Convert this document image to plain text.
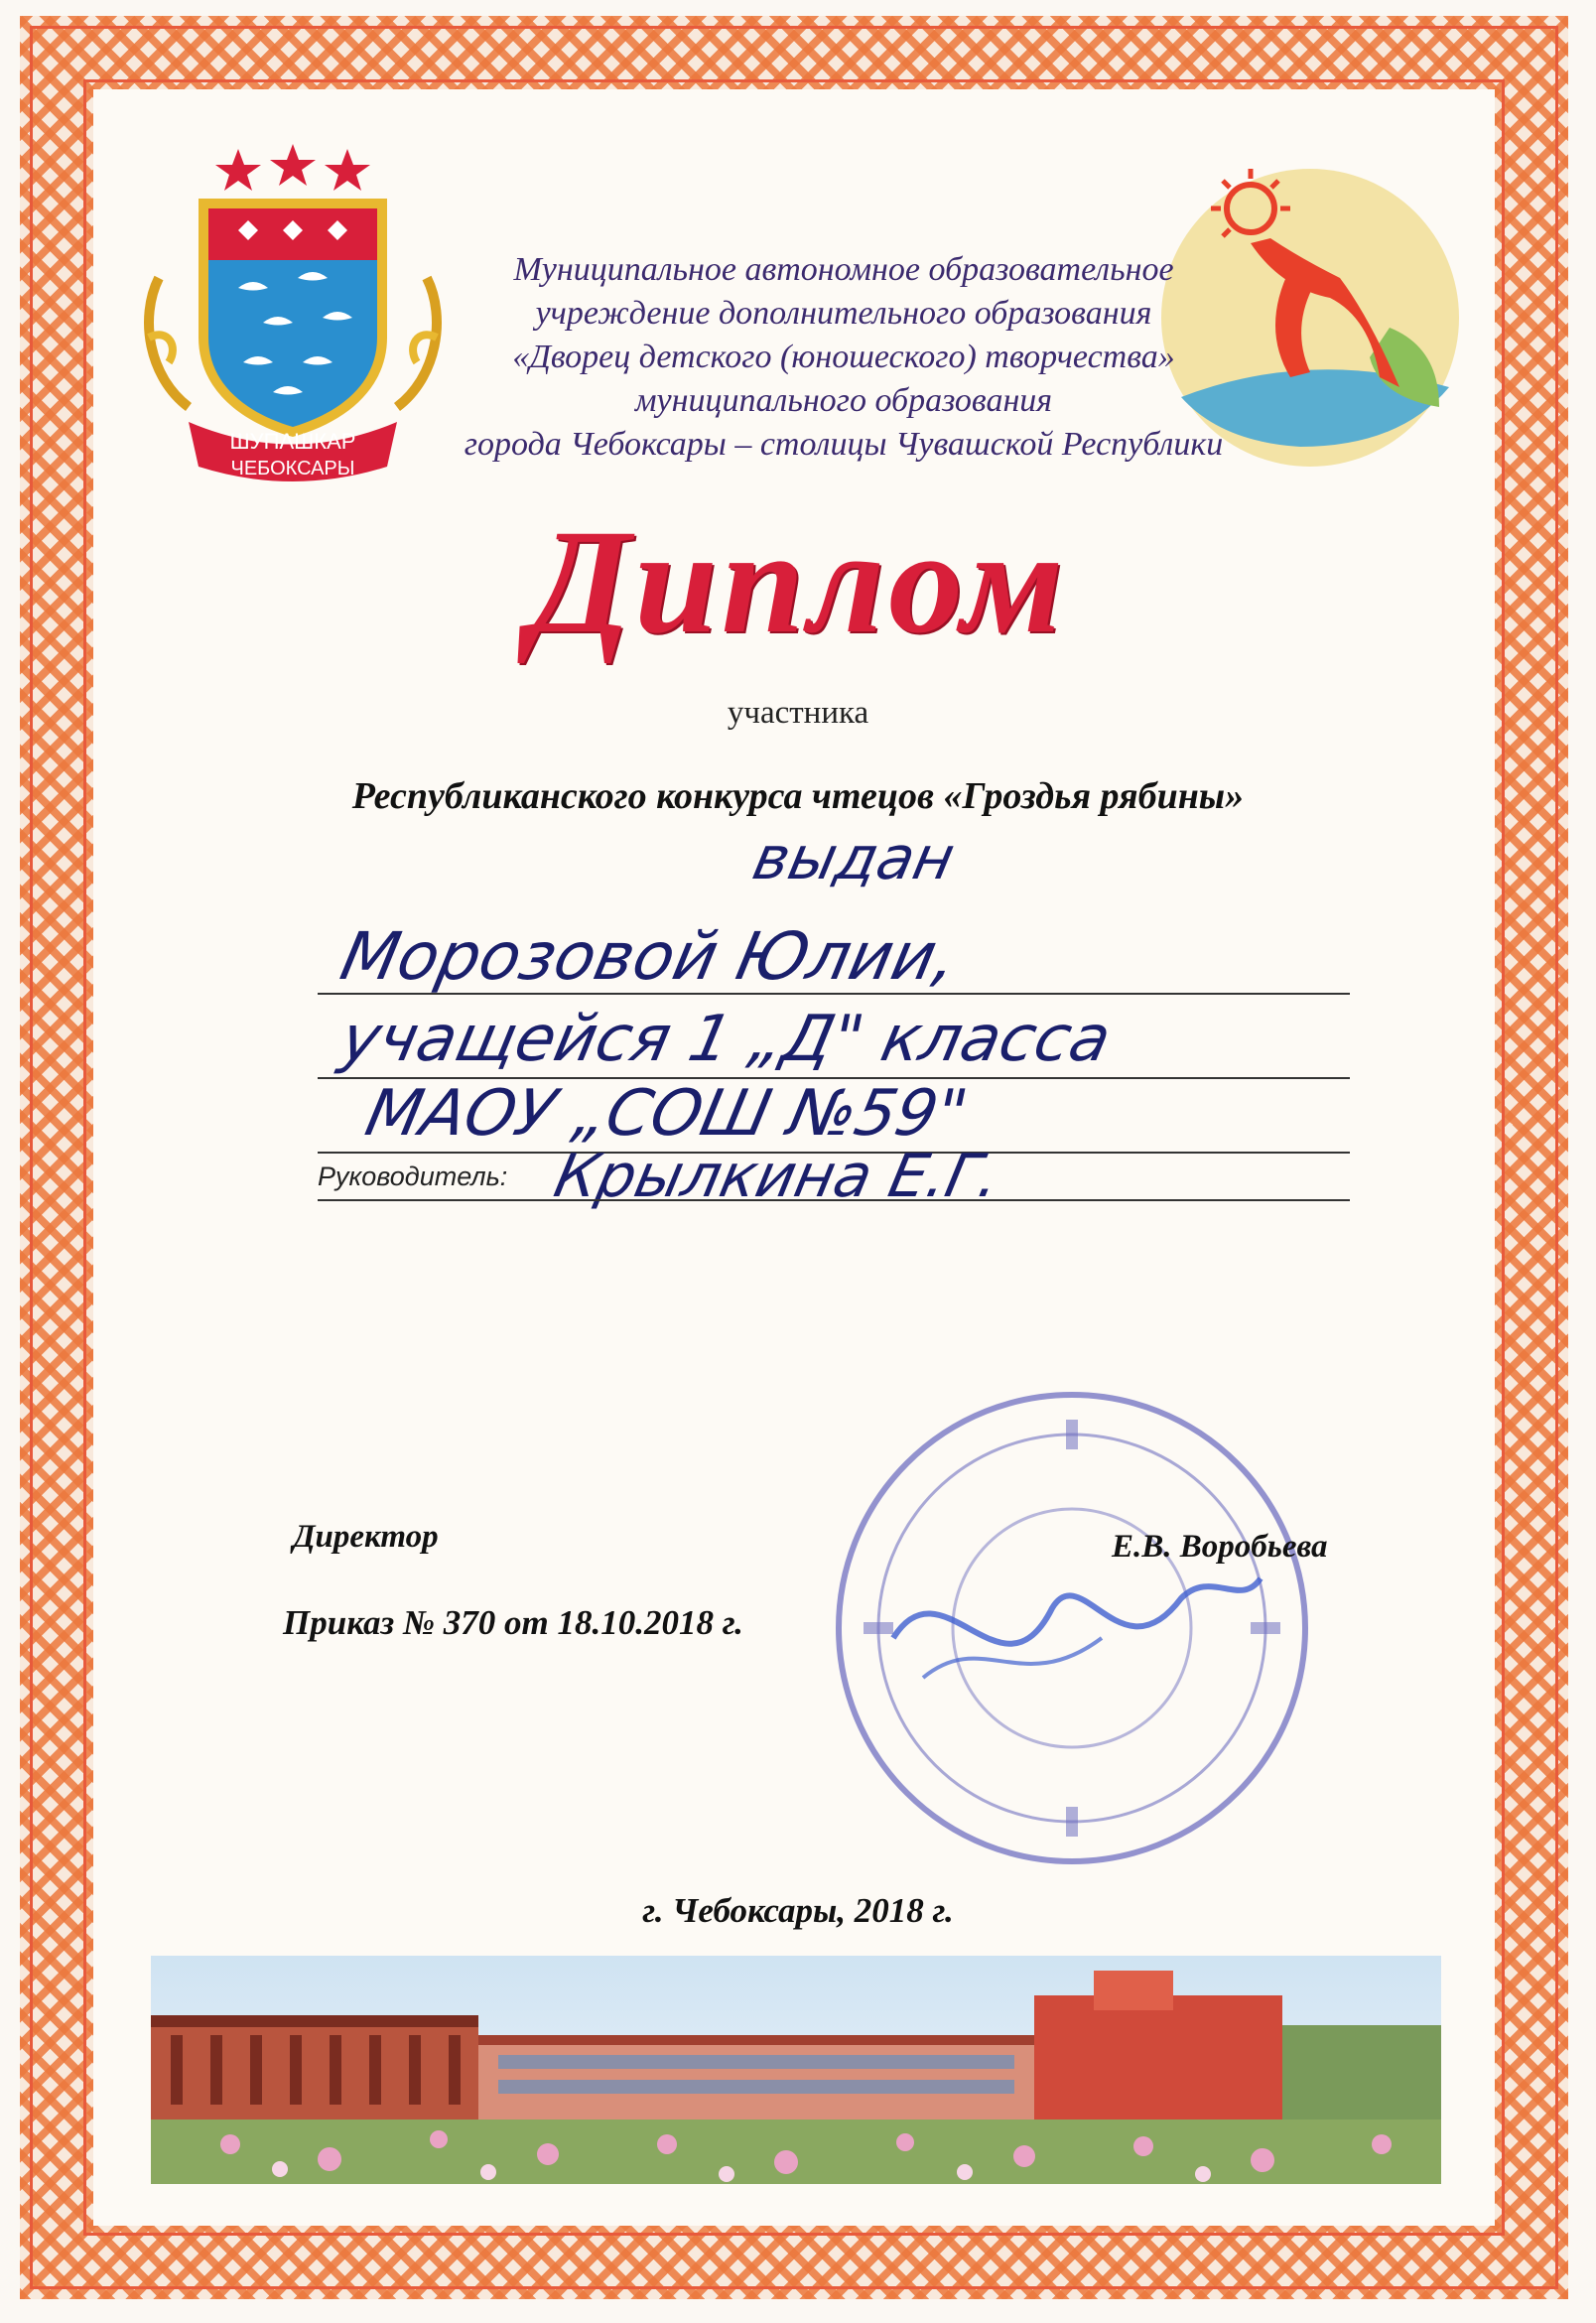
ШУПАШКАР
ЧЕБОКСАРЫ
Муниципальное автономное образовательное
учреждение дополнительного образования
«Дворец детского (юношеского) творчества»
муниципального образования
города Чебоксары – столицы Чувашской Республики
Диплом
участника
Республиканского конкурса чтецов «Гроздья рябины»
выдан
Морозовой Юлии,
учащейся 1 „Д" класса
МАОУ „СОШ №59"
Руководитель: Крылкина Е.Г.
Директор	Е.В. Воробьева
Приказ № 370 от 18.10.2018 г.
г. Чебоксары, 2018 г.
